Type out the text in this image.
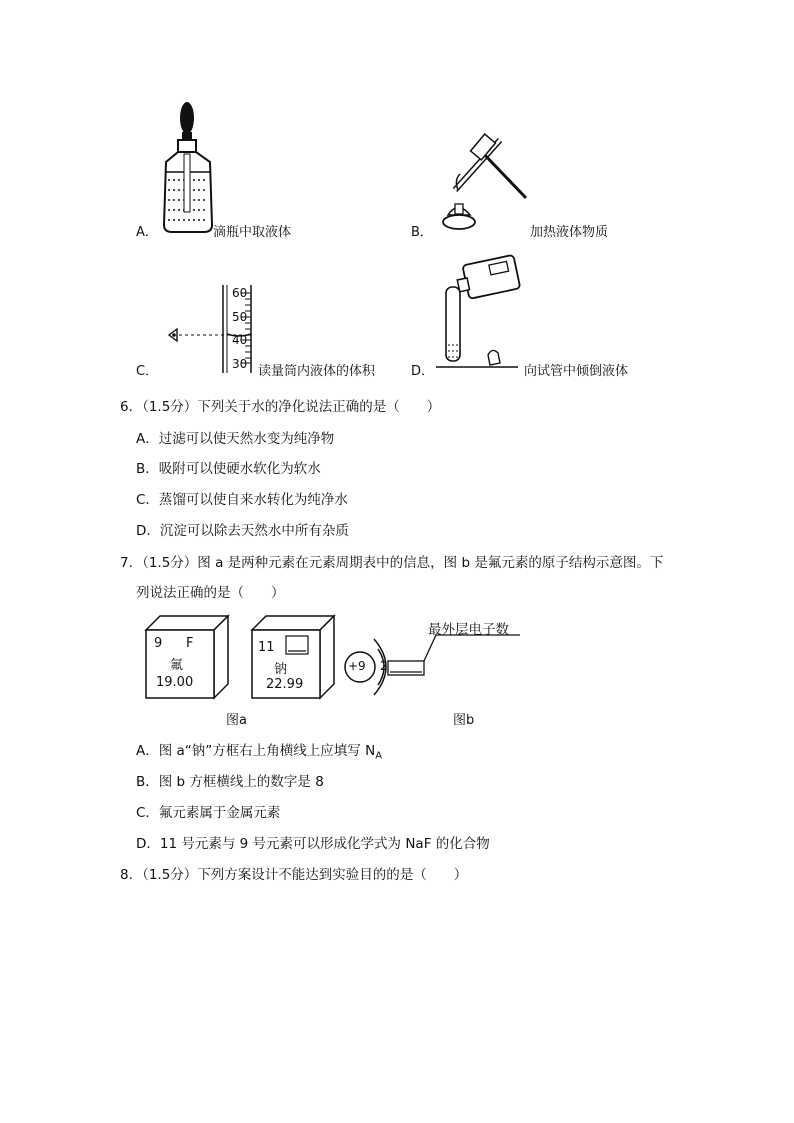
A．	滴瓶中取液体	B．	加热液体物质
60
50
40
30
C．	读量筒内液体的体积	D．	向试管中倾倒液体
6．（1.5分）下列关于水的净化说法正确的是（　　）
A．过滤可以使天然水变为纯净物
B．吸附可以使硬水软化为软水
C．蒸馏可以使自来水转化为纯净水
D．沉淀可以除去天然水中所有杂质
7．（1.5分）图 a 是两种元素在元素周期表中的信息，图 b 是氟元素的原子结构示意图。下
列说法正确的是（　　）
9 F
氟
19.00
11
钠
22.99
+9 2
最外层电子数
图a	图b
A．图 a“钠”方框右上角横线上应填写 $N_A$
B．图 b 方框横线上的数字是 8
C．氟元素属于金属元素
D．11 号元素与 9 号元素可以形成化学式为 NaF 的化合物
8．（1.5分）下列方案设计不能达到实验目的的是（　　）
